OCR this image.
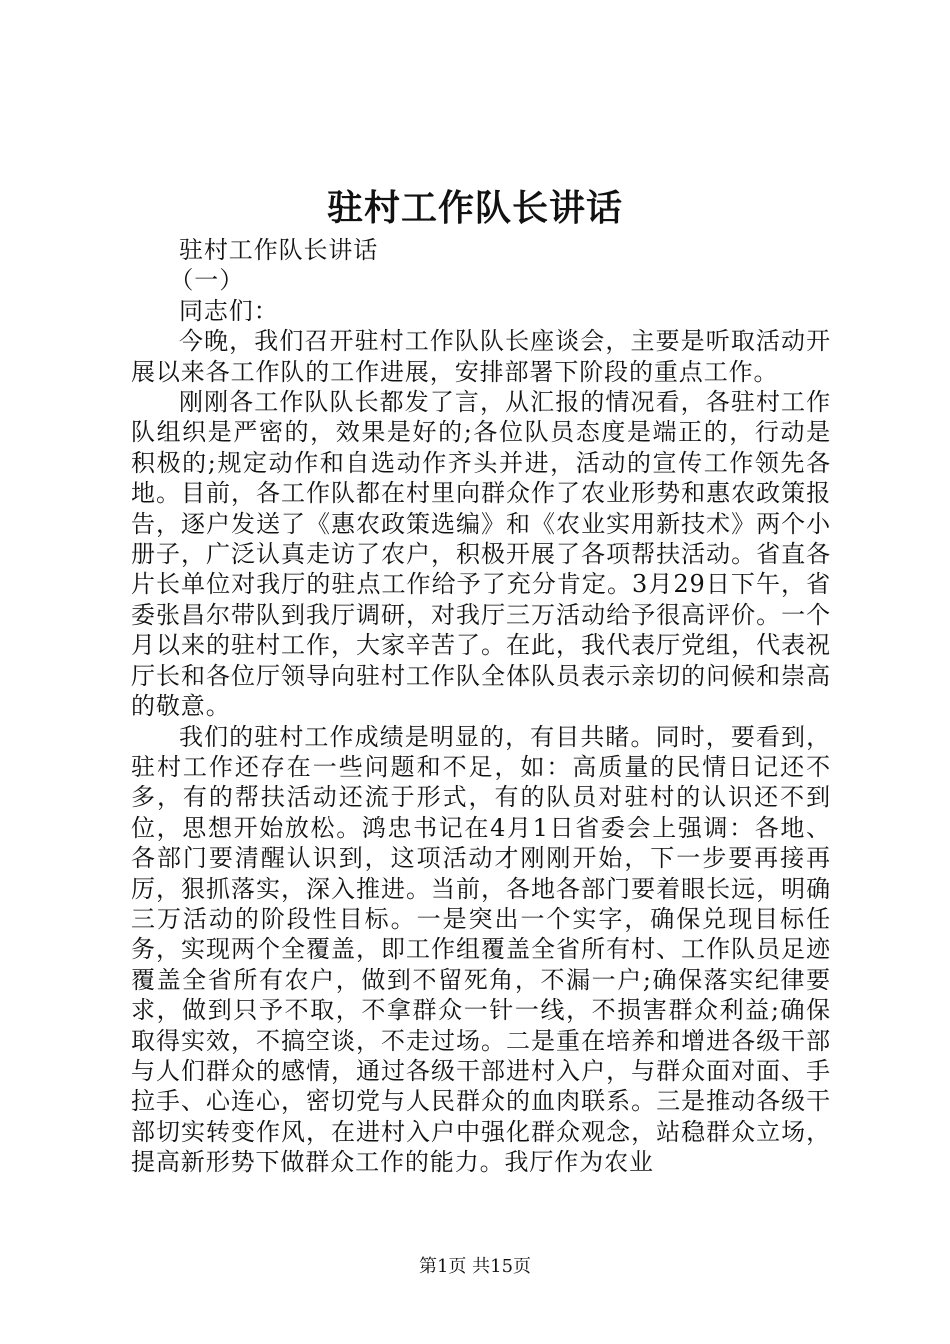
驻村工作队长讲话

驻村工作队长讲话

（一）

同志们：

今晚，我们召开驻村工作队队长座谈会，主要是听取活动开展以来各工作队的工作进展，安排部署下阶段的重点工作。

刚刚各工作队队长都发了言，从汇报的情况看，各驻村工作队组织是严密的，效果是好的;各位队员态度是端正的，行动是积极的;规定动作和自选动作齐头并进，活动的宣传工作领先各地。目前，各工作队都在村里向群众作了农业形势和惠农政策报告，逐户发送了《惠农政策选编》和《农业实用新技术》两个小册子，广泛认真走访了农户，积极开展了各项帮扶活动。省直各片长单位对我厅的驻点工作给予了充分肯定。3月29日下午，省委张昌尔带队到我厅调研，对我厅三万活动给予很高评价。一个月以来的驻村工作，大家辛苦了。在此，我代表厅党组，代表祝厅长和各位厅领导向驻村工作队全体队员表示亲切的问候和崇高的敬意。

我们的驻村工作成绩是明显的，有目共睹。同时，要看到，驻村工作还存在一些问题和不足，如：高质量的民情日记还不多，有的帮扶活动还流于形式，有的队员对驻村的认识还不到位，思想开始放松。鸿忠书记在4月1日省委会上强调：各地、各部门要清醒认识到，这项活动才刚刚开始，下一步要再接再厉，狠抓落实，深入推进。当前，各地各部门要着眼长远，明确三万活动的阶段性目标。一是突出一个实字，确保兑现目标任务，实现两个全覆盖，即工作组覆盖全省所有村、工作队员足迹覆盖全省所有农户，做到不留死角，不漏一户;确保落实纪律要求，做到只予不取，不拿群众一针一线，不损害群众利益;确保取得实效，不搞空谈，不走过场。二是重在培养和增进各级干部与人们群众的感情，通过各级干部进村入户，与群众面对面、手拉手、心连心，密切党与人民群众的血肉联系。三是推动各级干部切实转变作风，在进村入户中强化群众观念，站稳群众立场，提高新形势下做群众工作的能力。我厅作为农业

第1页 共15页
